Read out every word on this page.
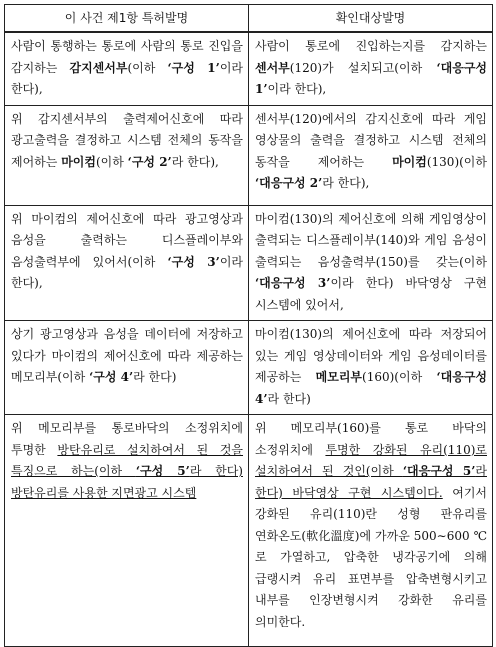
이 사건 제1항 특허발명	확인대상발명
사람이 통행하는 통로에 사람의 통로 진입을 감지하는 감지센서부(이하 ‘구성 1’이라 한다),	사람이 통로에 진입하는지를 감지하는 센서부(120)가 설치되고(이하 ‘대응구성 1’이라 한다),
위 감지센서부의 출력제어신호에 따라 광고출력을 결정하고 시스템 전체의 동작을 제어하는 마이컴(이하 ‘구성 2’라 한다),	센서부(120)에서의 감지신호에 따라 게임 영상물의 출력을 결정하고 시스템 전체의 동작을 제어하는 마이컴(130)(이하 ‘대응구성 2’라 한다),
위 마이컴의 제어신호에 따라 광고영상과 음성을 출력하는 디스플레이부와 음성출력부에 있어서(이하 ‘구성 3’이라 한다),	마이컴(130)의 제어신호에 의해 게임영상이 출력되는 디스플레이부(140)와 게임 음성이 출력되는 음성출력부(150)를 갖는(이하 ‘대응구성 3’이라 한다) 바닥영상 구현 시스템에 있어서,
상기 광고영상과 음성을 데이터에 저장하고 있다가 마이컴의 제어신호에 따라 제공하는 메모리부(이하 ‘구성 4’라 한다)	마이컴(130)의 제어신호에 따라 저장되어 있는 게임 영상데이터와 게임 음성데이터를 제공하는 메모리부(160)(이하 ‘대응구성 4’라 한다)
위 메모리부를 통로바닥의 소정위치에 투명한 방탄유리로 설치하여서 된 것을 특징으로 하는(이하 ‘구성 5’라 한다) 방탄유리를 사용한 지면광고 시스템	위 메모리부(160)를 통로 바닥의 소정위치에 투명한 강화된 유리(110)로 설치하여서 된 것인(이하 ‘대응구성 5’라 한다) 바닥영상 구현 시스템이다. 여기서 강화된 유리(110)란 성형 판유리를 연화온도(軟化溫度)에 가까운 500∼600 ℃로 가열하고, 압축한 냉각공기에 의해 급랭시켜 유리 표면부를 압축변형시키고 내부를 인장변형시켜 강화한 유리를 의미한다.
